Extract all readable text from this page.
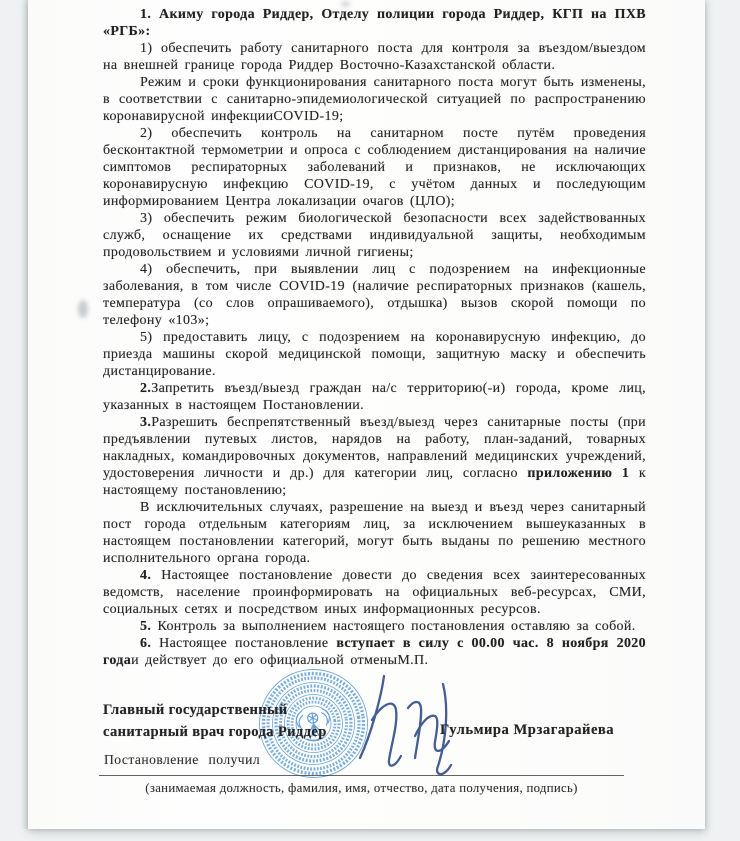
1. Акиму города Риддер, Отделу полиции города Риддер, КГП на ПХВ «РГБ»:

1) обеспечить работу санитарного поста для контроля за въездом/выездом на внешней границе города Риддер Восточно-Казахстанской области.

Режим и сроки функционирования санитарного поста могут быть изменены, в соответствии с санитарно-эпидемиологической ситуацией по распространению коронавирусной инфекцииCOVID-19;

2) обеспечить контроль на санитарном посте путём проведения бесконтактной термометрии и опроса с соблюдением дистанцирования на наличие симптомов респираторных заболеваний и признаков, не исключающих коронавирусную инфекцию COVID-19, с учётом данных и последующим информированием Центра локализации очагов (ЦЛО);

3) обеспечить режим биологической безопасности всех задействованных служб, оснащение их средствами индивидуальной защиты, необходимым продовольствием и условиями личной гигиены;

4) обеспечить, при выявлении лиц с подозрением на инфекционные заболевания, в том числе COVID-19 (наличие респираторных признаков (кашель, температура (со слов опрашиваемого), отдышка) вызов скорой помощи по телефону «103»;

5) предоставить лицу, с подозрением на коронавирусную инфекцию, до приезда машины скорой медицинской помощи, защитную маску и обеспечить дистанцирование.

2.Запретить въезд/выезд граждан на/с территорию(-и) города, кроме лиц, указанных в настоящем Постановлении.

3.Разрешить беспрепятственный въезд/выезд через санитарные посты (при предъявлении путевых листов, нарядов на работу, план-заданий, товарных накладных, командировочных документов, направлений медицинских учреждений, удостоверения личности и др.) для категории лиц, согласно приложению 1 к настоящему постановлению;

В исключительных случаях, разрешение на выезд и въезд через санитарный пост города отдельным категориям лиц, за исключением вышеуказанных в настоящем постановлении категорий, могут быть выданы по решению местного исполнительного органа города.

4. Настоящее постановление довести до сведения всех заинтересованных ведомств, население проинформировать на официальных веб-ресурсах, СМИ, социальных сетях и посредством иных информационных ресурсов.

5. Контроль за выполнением настоящего постановления оставляю за собой.

6. Настоящее постановление вступает в силу с 00.00 час. 8 ноября 2020 годаи действует до его официальной отменыМ.П.

Главный государственный
санитарный врач города Риддер	Гульмира Мрзагарайева
Постановление получил
(занимаемая должность, фамилия, имя, отчество, дата получения, подпись)
